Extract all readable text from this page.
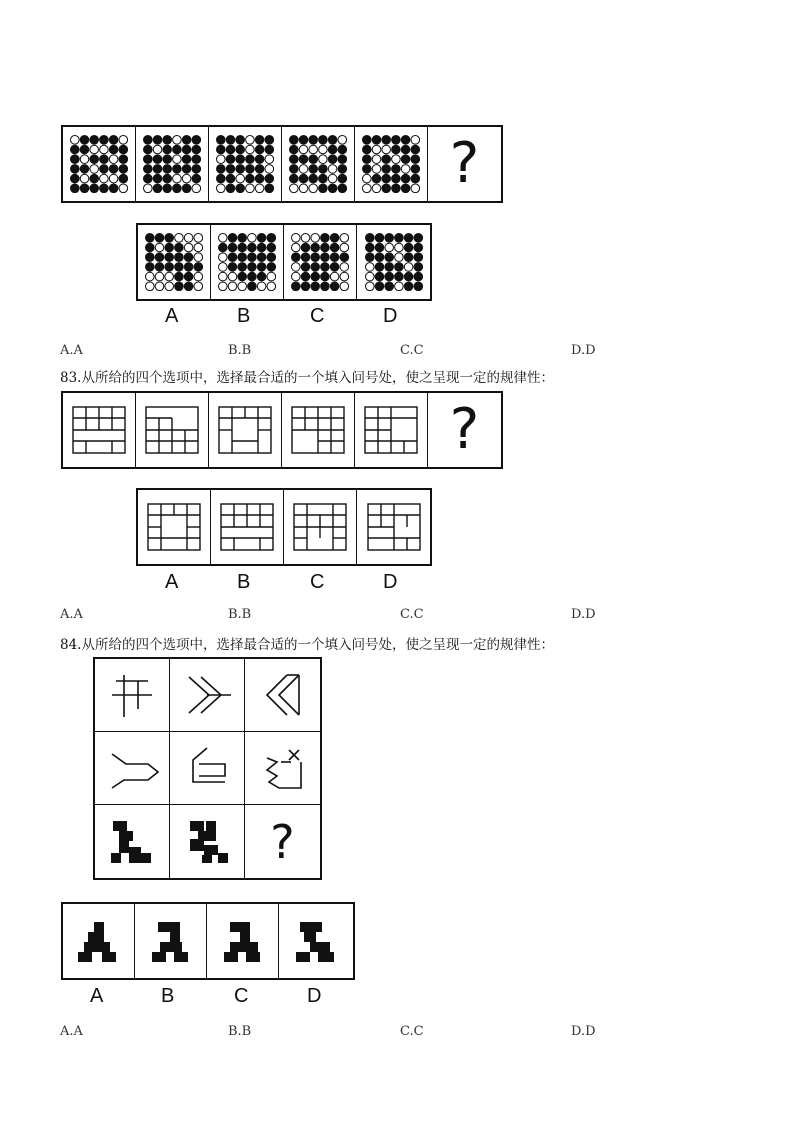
?
A	B	C	D
A.A	B.B	C.C	D.D
83.从所给的四个选项中，选择最合适的一个填入问号处，使之呈现一定的规律性：
?
A	B	C	D
A.A	B.B	C.C	D.D
84.从所给的四个选项中，选择最合适的一个填入问号处，使之呈现一定的规律性：
?
A	B	C	D
A.A	B.B	C.C	D.D
